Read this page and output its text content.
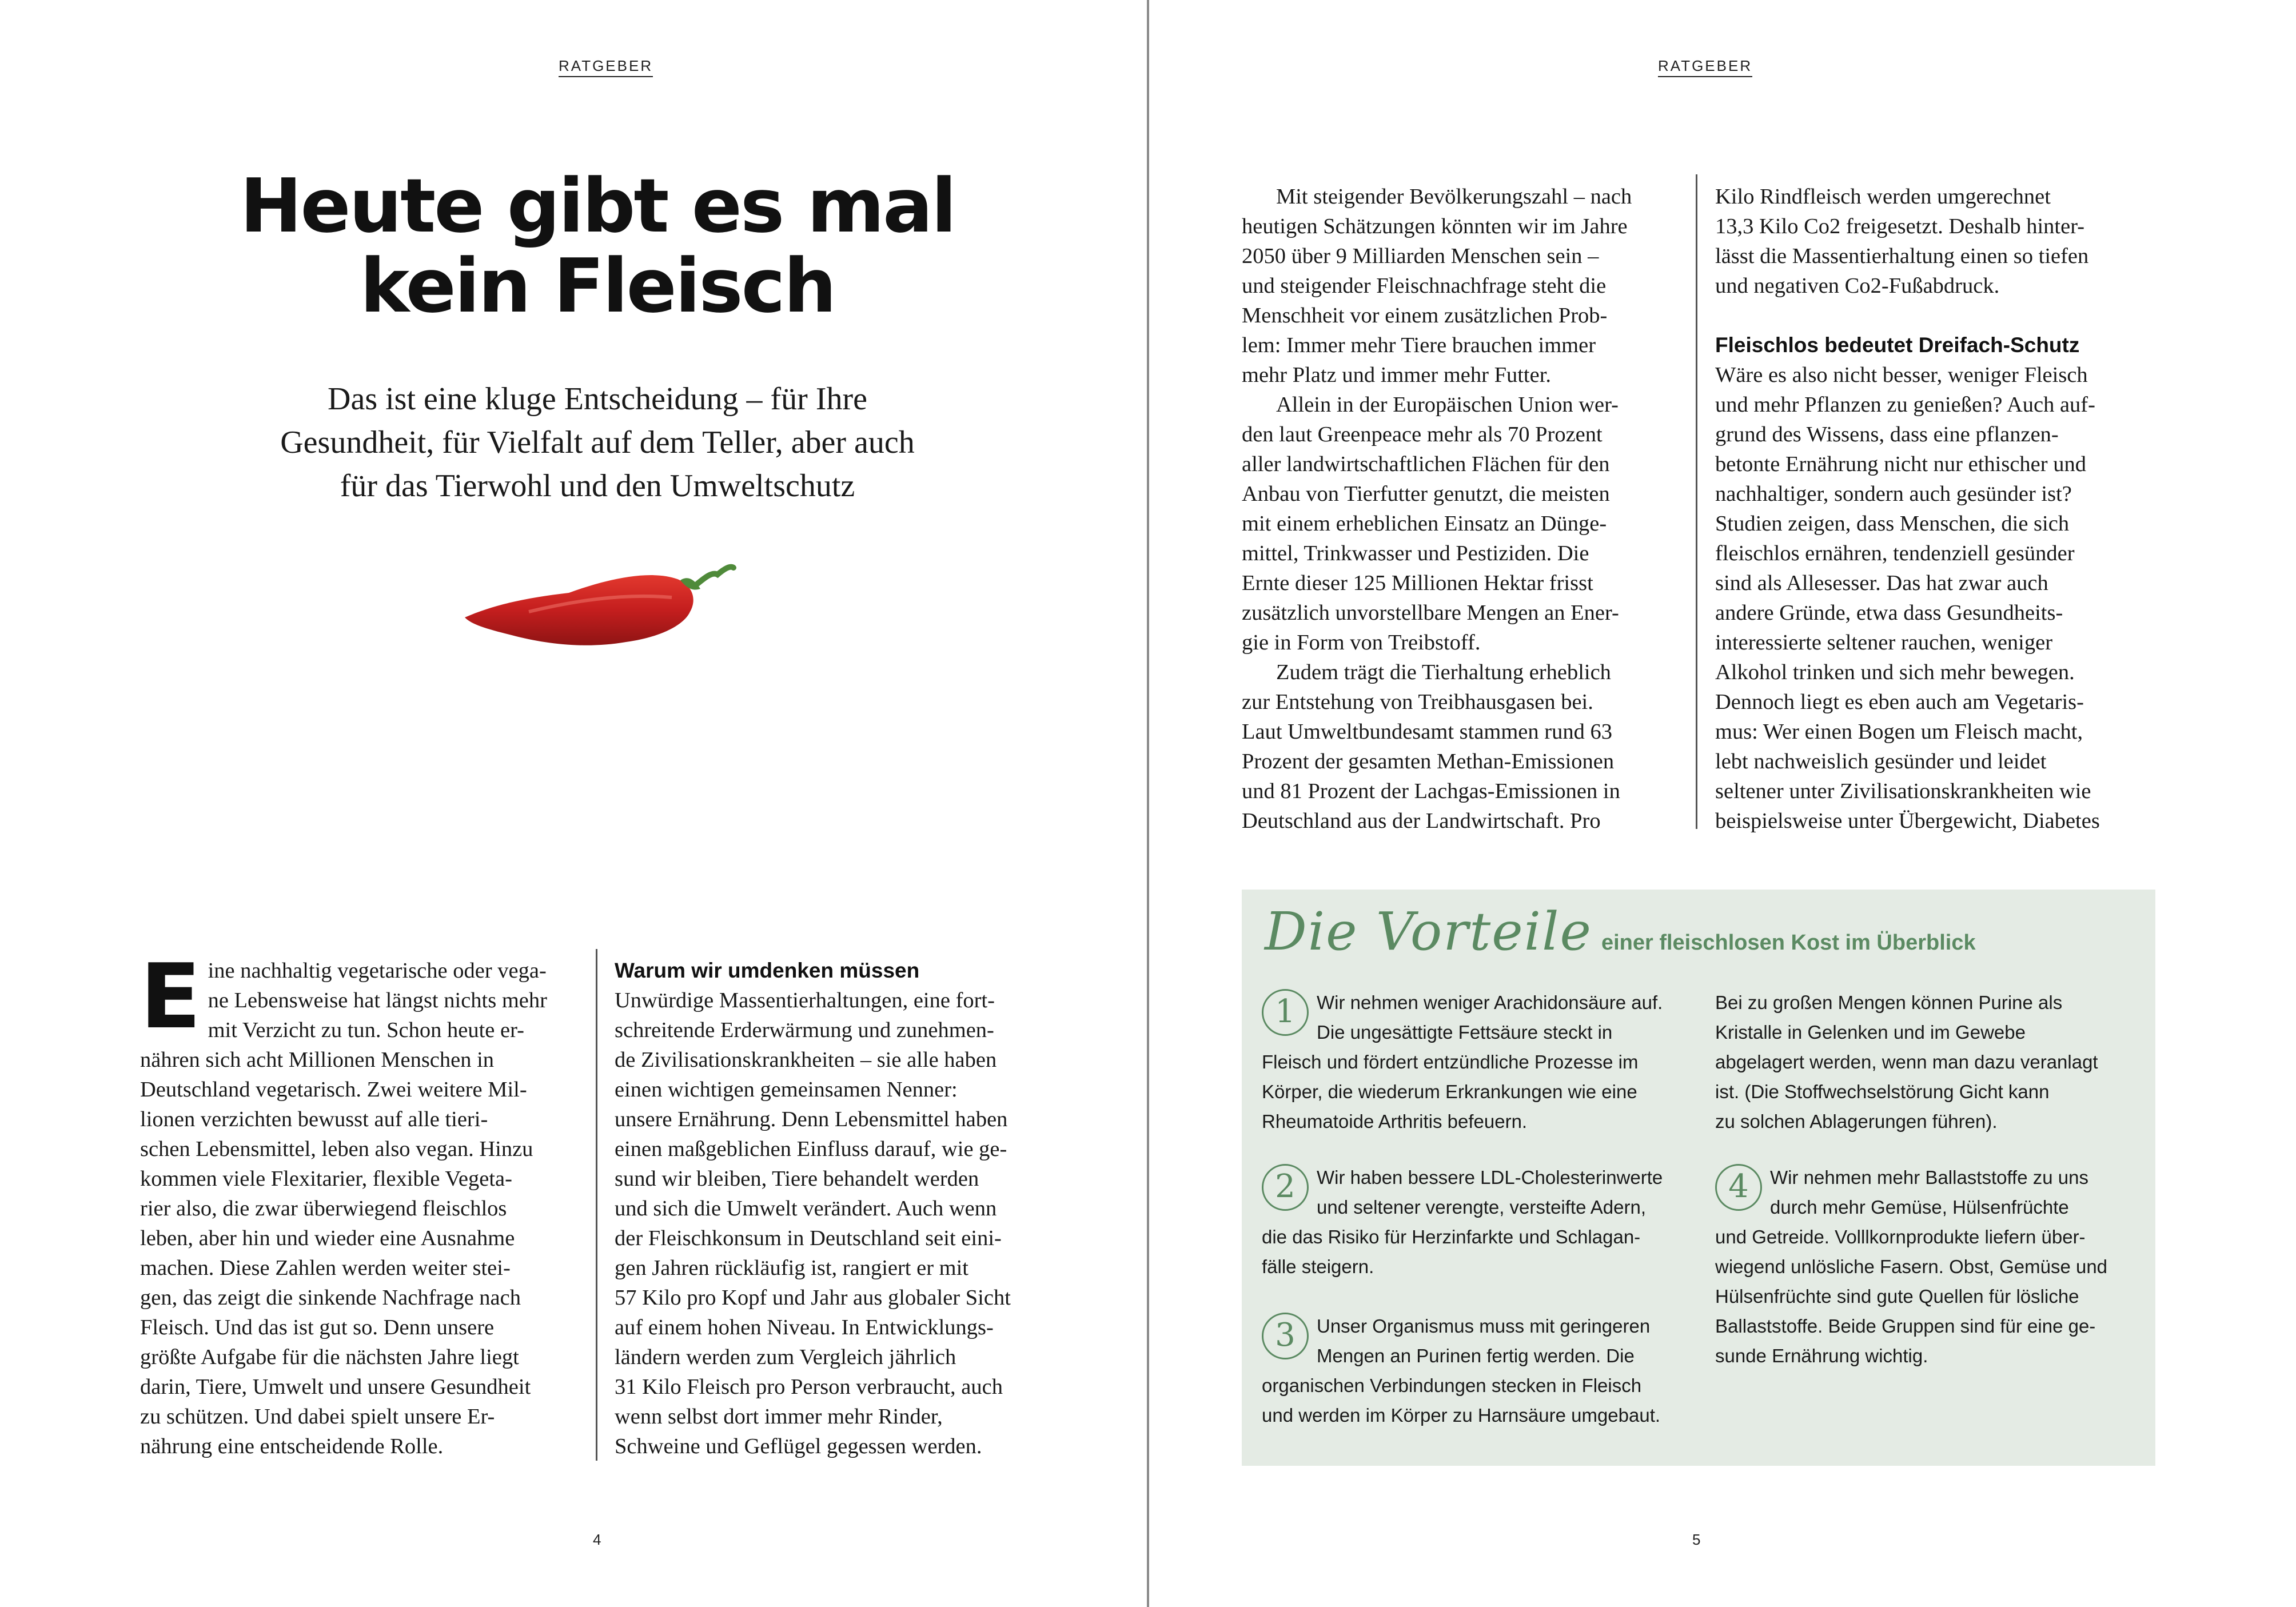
RATGEBER
Heute gibt es mal
kein Fleisch

Das ist eine kluge Entscheidung – für Ihre
Gesundheit, für Vielfalt auf dem Teller, aber auch
für das Tierwohl und den Umweltschutz

E ine nachhaltig vegetarische oder vega-
ne Lebensweise hat längst nichts mehr
mit Verzicht zu tun. Schon heute er-
nähren sich acht Millionen Menschen in
Deutschland vegetarisch. Zwei weitere Mil-
lionen verzichten bewusst auf alle tieri-
schen Lebensmittel, leben also vegan. Hinzu
kommen viele Flexitarier, flexible Vegeta-
rier also, die zwar überwiegend fleischlos
leben, aber hin und wieder eine Ausnahme
machen. Diese Zahlen werden weiter stei-
gen, das zeigt die sinkende Nachfrage nach
Fleisch. Und das ist gut so. Denn unsere
größte Aufgabe für die nächsten Jahre liegt
darin, Tiere, Umwelt und unsere Gesundheit
zu schützen. Und dabei spielt unsere Er-
nährung eine entscheidende Rolle.

Warum wir umdenken müssen

Unwürdige Massentierhaltungen, eine fort-
schreitende Erderwärmung und zunehmen-
de Zivilisationskrankheiten – sie alle haben
einen wichtigen gemeinsamen Nenner:
unsere Ernährung. Denn Lebensmittel haben
einen maßgeblichen Einfluss darauf, wie ge-
sund wir bleiben, Tiere behandelt werden
und sich die Umwelt verändert. Auch wenn
der Fleischkonsum in Deutschland seit eini-
gen Jahren rückläufig ist, rangiert er mit
57 Kilo pro Kopf und Jahr aus globaler Sicht
auf einem hohen Niveau. In Entwicklungs-
ländern werden zum Vergleich jährlich
31 Kilo Fleisch pro Person verbraucht, auch
wenn selbst dort immer mehr Rinder,
Schweine und Geflügel gegessen werden.

4
RATGEBER

Mit steigender Bevölkerungszahl – nach
heutigen Schätzungen könnten wir im Jahre
2050 über 9 Milliarden Menschen sein –
und steigender Fleischnachfrage steht die
Menschheit vor einem zusätzlichen Prob-
lem: Immer mehr Tiere brauchen immer
mehr Platz und immer mehr Futter.

Allein in der Europäischen Union wer-
den laut Greenpeace mehr als 70 Prozent
aller landwirtschaftlichen Flächen für den
Anbau von Tierfutter genutzt, die meisten
mit einem erheblichen Einsatz an Dünge-
mittel, Trinkwasser und Pestiziden. Die
Ernte dieser 125 Millionen Hektar frisst
zusätzlich unvorstellbare Mengen an Ener-
gie in Form von Treibstoff.

Zudem trägt die Tierhaltung erheblich
zur Entstehung von Treibhausgasen bei.
Laut Umweltbundesamt stammen rund 63
Prozent der gesamten Methan-Emissionen
und 81 Prozent der Lachgas-Emissionen in
Deutschland aus der Landwirtschaft. Pro

Kilo Rindfleisch werden umgerechnet
13,3 Kilo Co2 freigesetzt. Deshalb hinter-
lässt die Massentierhaltung einen so tiefen
und negativen Co2-Fußabdruck.

Fleischlos bedeutet Dreifach-Schutz

Wäre es also nicht besser, weniger Fleisch
und mehr Pflanzen zu genießen? Auch auf-
grund des Wissens, dass eine pflanzen-
betonte Ernährung nicht nur ethischer und
nachhaltiger, sondern auch gesünder ist?
Studien zeigen, dass Menschen, die sich
fleischlos ernähren, tendenziell gesünder
sind als Allesesser. Das hat zwar auch
andere Gründe, etwa dass Gesundheits-
interessierte seltener rauchen, weniger
Alkohol trinken und sich mehr bewegen.
Dennoch liegt es eben auch am Vegetaris-
mus: Wer einen Bogen um Fleisch macht,
lebt nachweislich gesünder und leidet
seltener unter Zivilisationskrankheiten wie
beispielsweise unter Übergewicht, Diabetes

Die Vorteile einer fleischlosen Kost im Überblick
1	Wir nehmen weniger Arachidonsäure auf.
Die ungesättigte Fettsäure steckt in
Fleisch und fördert entzündliche Prozesse im
Körper, die wiederum Erkrankungen wie eine
Rheumatoide Arthritis befeuern.

Bei zu großen Mengen können Purine als
Kristalle in Gelenken und im Gewebe
abgelagert werden, wenn man dazu veranlagt
ist. (Die Stoffwechselstörung Gicht kann
zu solchen Ablagerungen führen).

2	Wir haben bessere LDL-Cholesterinwerte
und seltener verengte, versteifte Adern,
die das Risiko für Herzinfarkte und Schlagan-
fälle steigern.

3	Unser Organismus muss mit geringeren
Mengen an Purinen fertig werden. Die
organischen Verbindungen stecken in Fleisch
und werden im Körper zu Harnsäure umgebaut.

4	Wir nehmen mehr Ballaststoffe zu uns
durch mehr Gemüse, Hülsenfrüchte
und Getreide. Volllkornprodukte liefern über-
wiegend unlösliche Fasern. Obst, Gemüse und
Hülsenfrüchte sind gute Quellen für lösliche
Ballaststoffe. Beide Gruppen sind für eine ge-
sunde Ernährung wichtig.

5
